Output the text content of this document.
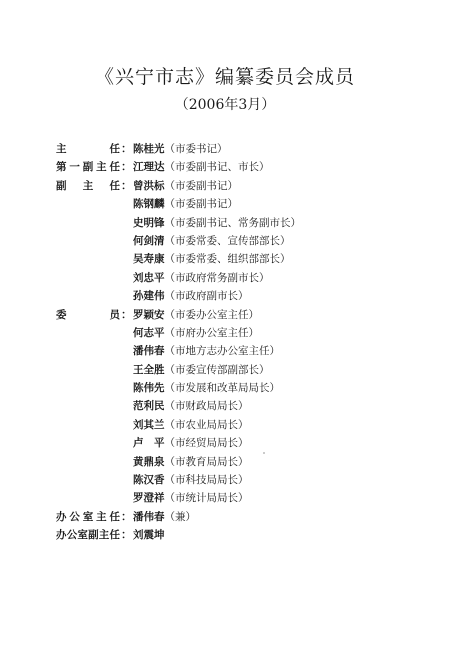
《兴宁市志》编纂委员会成员
（2006年3月）
主　　任 ： 陈桂光（市委书记）
第一副主任 ： 江理达（市委副书记、市长）
副　主　任 ： 曾洪标（市委副书记）
陈钢麟（市委副书记）
史明锋（市委副书记、常务副市长）
何剑清（市委常委、宣传部部长）
吴寿康（市委常委、组织部部长）
刘忠平（市政府常务副市长）
孙建伟（市政府副市长）
委　　员 ： 罗颖安（市委办公室主任）
何志平（市府办公室主任）
潘伟春（市地方志办公室主任）
王全胜（市委宣传部副部长）
陈伟先（市发展和改革局局长）
范利民（市财政局局长）
刘其兰（市农业局局长）
卢　平（市经贸局局长）
黄鼎泉（市教育局局长）
陈汉香（市科技局局长）
罗澄祥（市统计局局长）
办公室主任 ： 潘伟春（兼）
办公室副主任 ： 刘震坤
